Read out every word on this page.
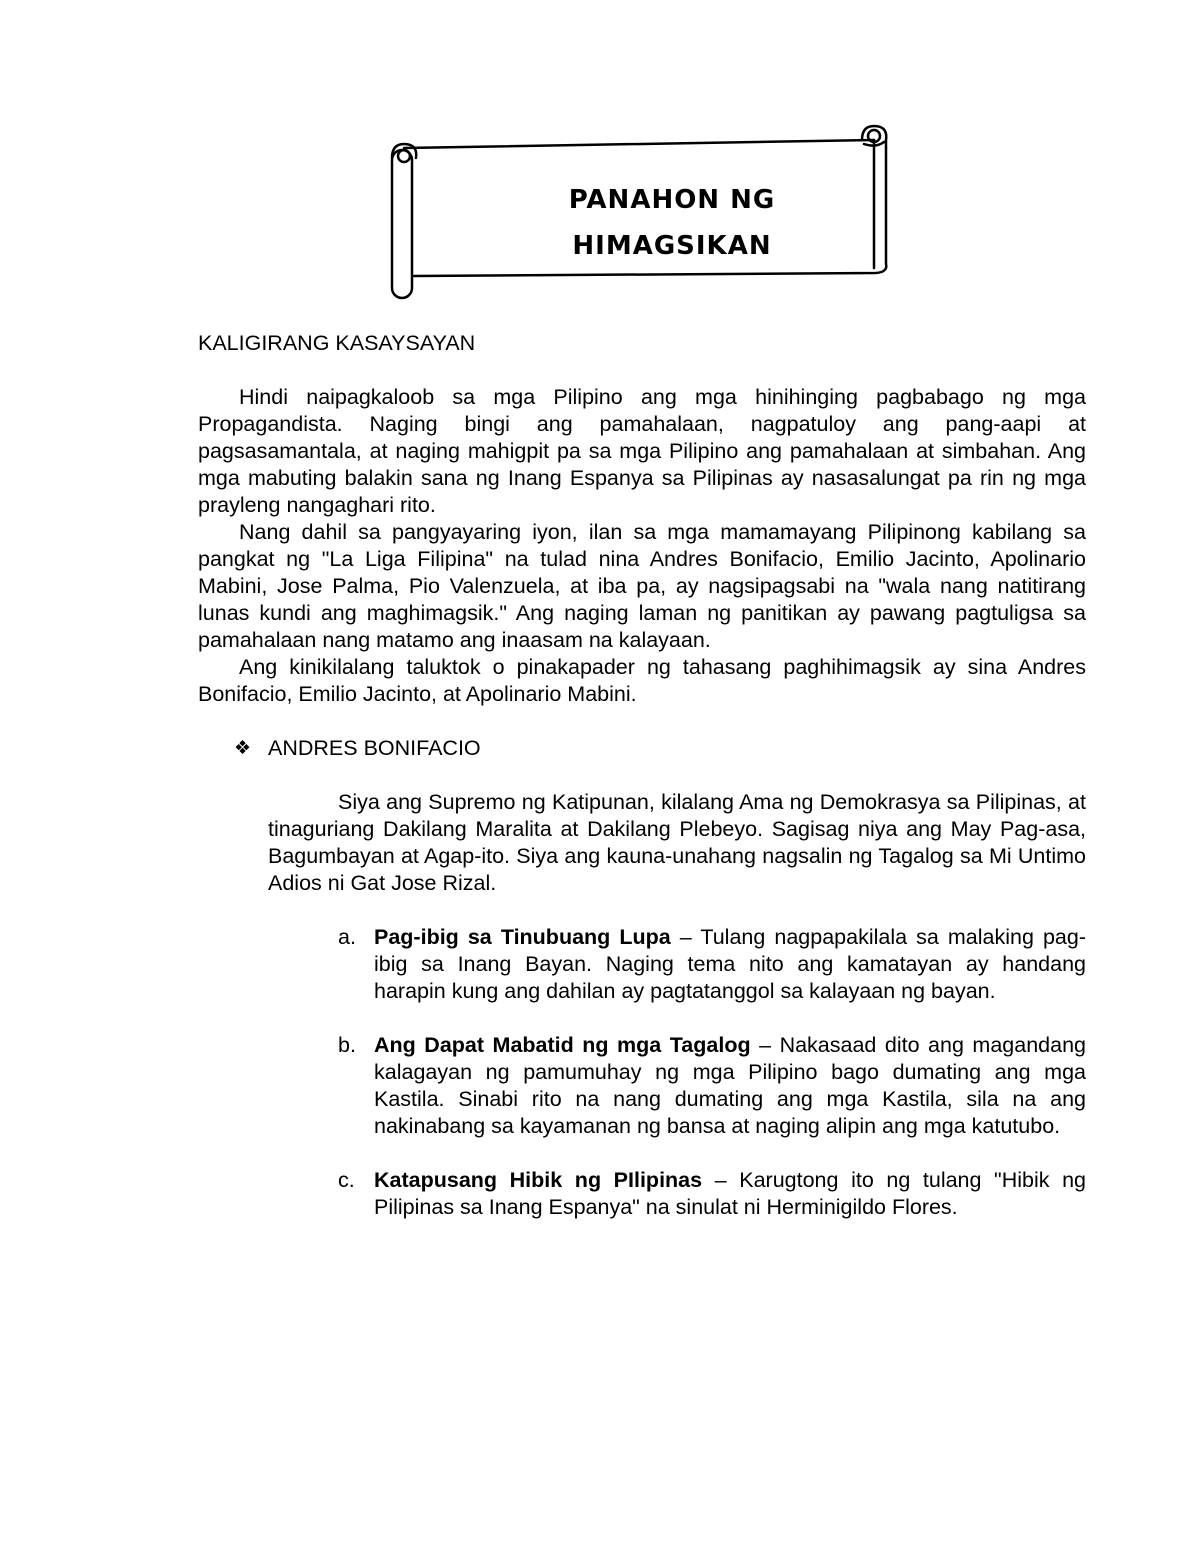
PANAHON NG
HIMAGSIKAN
KALIGIRANG KASAYSAYAN

Hindi naipagkaloob sa mga Pilipino ang mga hinihinging pagbabago ng mga Propagandista. Naging bingi ang pamahalaan, nagpatuloy ang pang-aapi at pagsasamantala, at naging mahigpit pa sa mga Pilipino ang pamahalaan at simbahan. Ang mga mabuting balakin sana ng Inang Espanya sa Pilipinas ay nasasalungat pa rin ng mga prayleng nangaghari rito.

Nang dahil sa pangyayaring iyon, ilan sa mga mamamayang Pilipinong kabilang sa pangkat ng "La Liga Filipina" na tulad nina Andres Bonifacio, Emilio Jacinto, Apolinario Mabini, Jose Palma, Pio Valenzuela, at iba pa, ay nagsipagsabi na "wala nang natitirang lunas kundi ang maghimagsik." Ang naging laman ng panitikan ay pawang pagtuligsa sa pamahalaan nang matamo ang inaasam na kalayaan.

Ang kinikilalang taluktok o pinakapader ng tahasang paghihimagsik ay sina Andres Bonifacio, Emilio Jacinto, at Apolinario Mabini.

❖ ANDRES BONIFACIO

Siya ang Supremo ng Katipunan, kilalang Ama ng Demokrasya sa Pilipinas, at tinaguriang Dakilang Maralita at Dakilang Plebeyo. Sagisag niya ang May Pag-asa, Bagumbayan at Agap-ito. Siya ang kauna-unahang nagsalin ng Tagalog sa Mi Untimo Adios ni Gat Jose Rizal.

a. Pag-ibig sa Tinubuang Lupa – Tulang nagpapakilala sa malaking pag-ibig sa Inang Bayan. Naging tema nito ang kamatayan ay handang harapin kung ang dahilan ay pagtatanggol sa kalayaan ng bayan.
b. Ang Dapat Mabatid ng mga Tagalog – Nakasaad dito ang magandang kalagayan ng pamumuhay ng mga Pilipino bago dumating ang mga Kastila. Sinabi rito na nang dumating ang mga Kastila, sila na ang nakinabang sa kayamanan ng bansa at naging alipin ang mga katutubo.
c. Katapusang Hibik ng PIlipinas – Karugtong ito ng tulang "Hibik ng Pilipinas sa Inang Espanya" na sinulat ni Herminigildo Flores.
